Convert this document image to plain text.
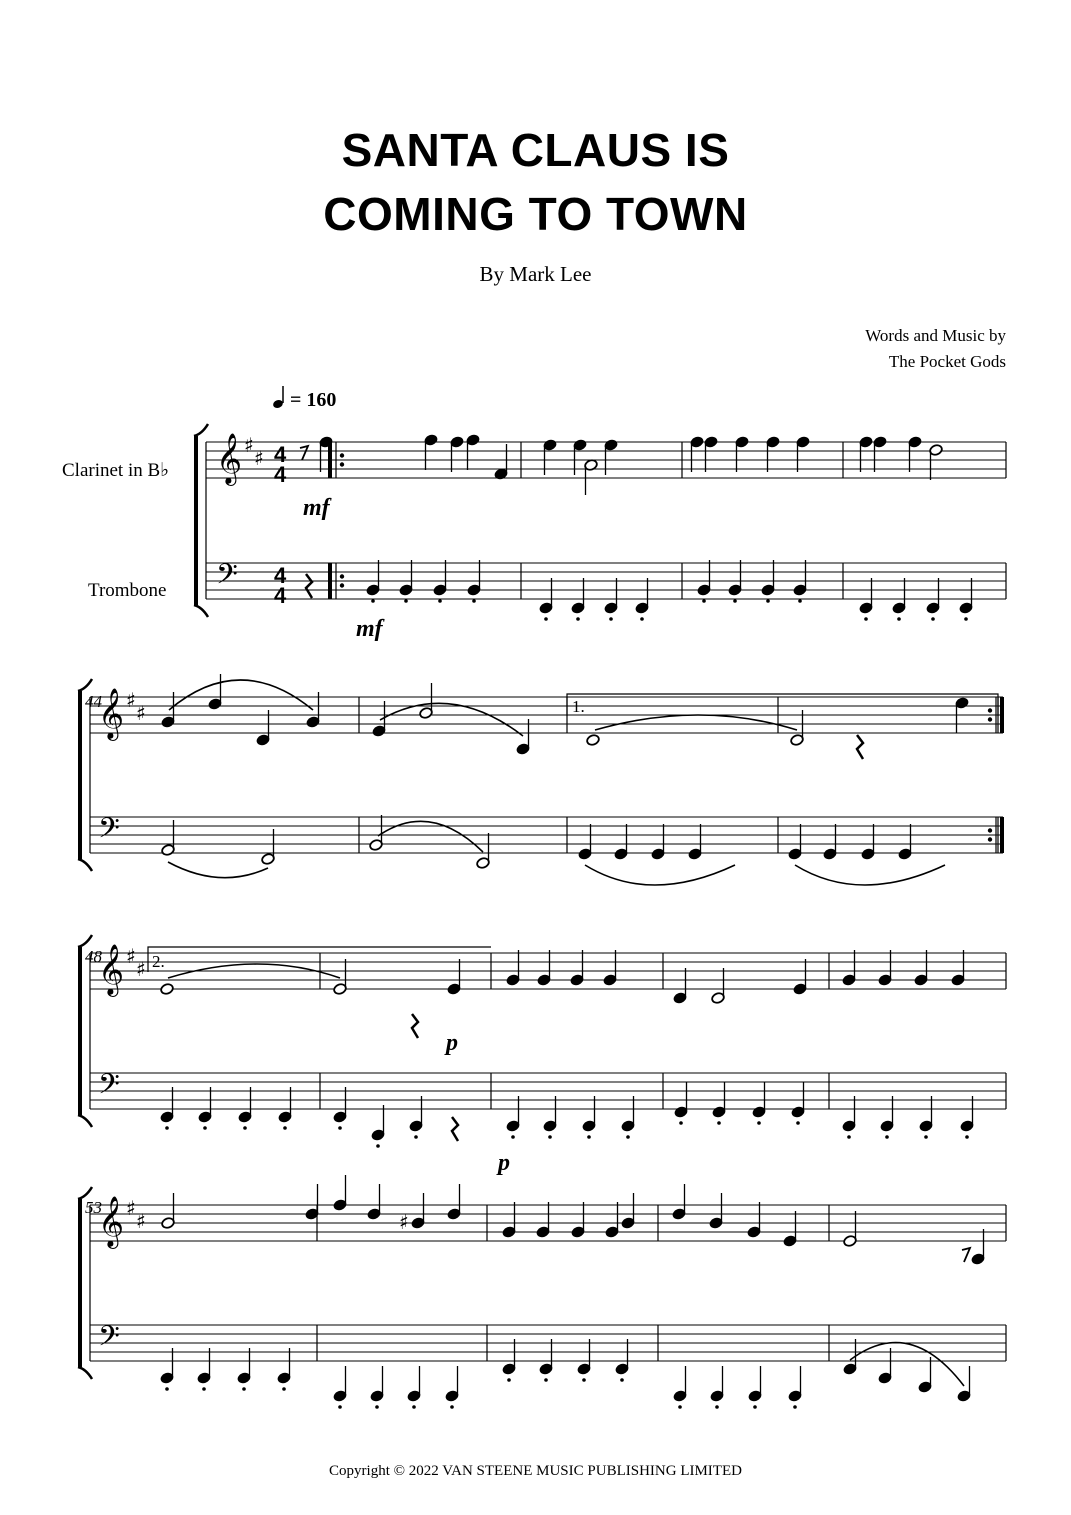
SANTA CLAUS IS
COMING TO TOWN
By Mark Lee
Words and Music by
The Pocket Gods
Copyright © 2022 VAN STEENE MUSIC PUBLISHING LIMITED
= 160
Clarinet in B♭
Trombone
44
48
53
1.
2.
mf
mf
p
p
4
4
4
4
𝄞
𝄢
♯
♯
𝄞
𝄢
♯
♯
𝄞
𝄢
♯
♯
𝄞
𝄢
♯
♯	♯
